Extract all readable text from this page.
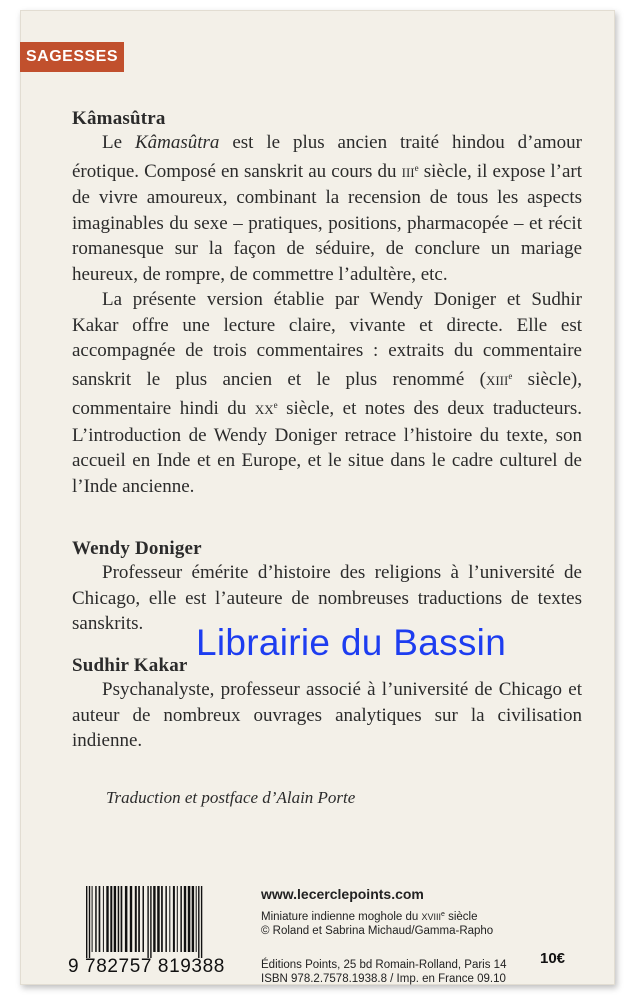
SAGESSES

Kâmasûtra

Le Kâmasûtra est le plus ancien traité hindou d’amour érotique. Composé en sanskrit au cours du IIIe siècle, il expose l’art de vivre amoureux, combinant la recension de tous les aspects imaginables du sexe – pratiques, positions, pharmacopée – et récit romanesque sur la façon de séduire, de conclure un mariage heureux, de rompre, de commettre l’adultère, etc.

La présente version établie par Wendy Doniger et Sudhir Kakar offre une lecture claire, vivante et directe. Elle est accompagnée de trois commentaires : extraits du commentaire sanskrit le plus ancien et le plus renommé (XIIIe siècle), commentaire hindi du XXe siècle, et notes des deux traducteurs. L’introduction de Wendy Doniger retrace l’histoire du texte, son accueil en Inde et en Europe, et le situe dans le cadre culturel de l’Inde ancienne.

Wendy Doniger

Professeur émérite d’histoire des religions à l’université de Chicago, elle est l’auteure de nombreuses traductions de textes sanskrits.

Sudhir Kakar

Psychanalyste, professeur associé à l’université de Chicago et auteur de nombreux ouvrages analytiques sur la civilisation indienne.

Traduction et postface d’Alain Porte
Librairie du Bassin
9 782757 819388
www.lecerclepoints.com
Miniature indienne moghole du XVIIIe siècle
© Roland et Sabrina Michaud/Gamma-Rapho
Éditions Points, 25 bd Romain-Rolland, Paris 14
ISBN 978.2.7578.1938.8 / Imp. en France 09.10
10€
